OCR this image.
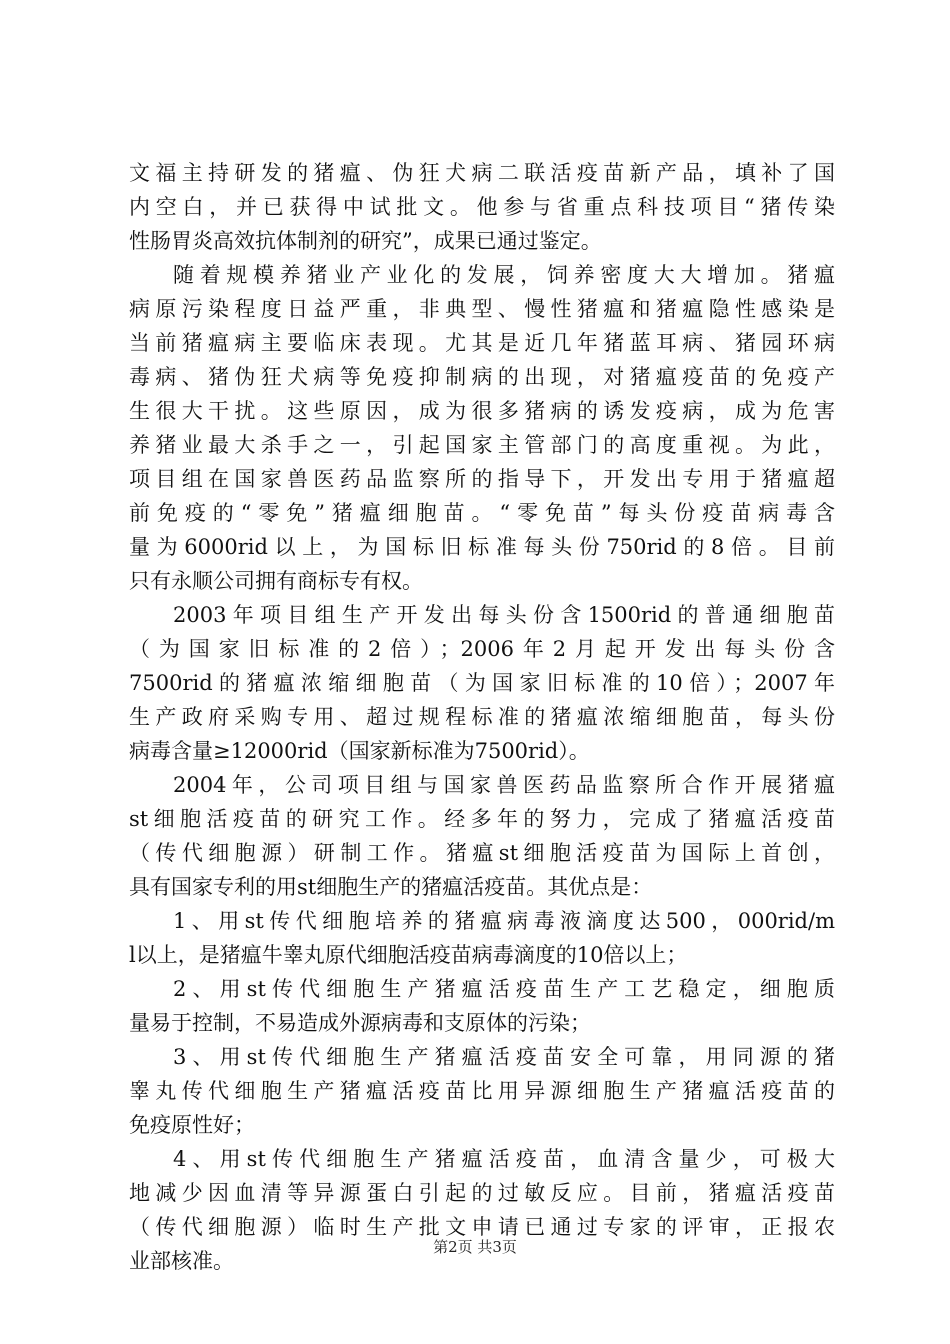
文福主持研发的猪瘟、伪狂犬病二联活疫苗新产品，填补了国
内空白，并已获得中试批文。他参与省重点科技项目“猪传染
性肠胃炎高效抗体制剂的研究”，成果已通过鉴定。
随着规模养猪业产业化的发展，饲养密度大大增加。猪瘟
病原污染程度日益严重，非典型、慢性猪瘟和猪瘟隐性感染是
当前猪瘟病主要临床表现。尤其是近几年猪蓝耳病、猪园环病
毒病、猪伪狂犬病等免疫抑制病的出现，对猪瘟疫苗的免疫产
生很大干扰。这些原因，成为很多猪病的诱发疫病，成为危害
养猪业最大杀手之一，引起国家主管部门的高度重视。为此，
项目组在国家兽医药品监察所的指导下，开发出专用于猪瘟超
前免疫的“零免”猪瘟细胞苗。“零免苗”每头份疫苗病毒含
量为6000rid以上，为国标旧标准每头份750rid的8倍。目前
只有永顺公司拥有商标专有权。
2003年项目组生产开发出每头份含1500rid的普通细胞苗
（为国家旧标准的2倍）；2006年2月起开发出每头份含
7500rid的猪瘟浓缩细胞苗（为国家旧标准的10倍）；2007年
生产政府采购专用、超过规程标准的猪瘟浓缩细胞苗，每头份
病毒含量≥12000rid（国家新标准为7500rid）。
2004年，公司项目组与国家兽医药品监察所合作开展猪瘟
st细胞活疫苗的研究工作。经多年的努力，完成了猪瘟活疫苗
（传代细胞源）研制工作。猪瘟st细胞活疫苗为国际上首创，
具有国家专利的用st细胞生产的猪瘟活疫苗。其优点是：
1、用st传代细胞培养的猪瘟病毒液滴度达500，000rid/m
l以上，是猪瘟牛睾丸原代细胞活疫苗病毒滴度的10倍以上；
2、用st传代细胞生产猪瘟活疫苗生产工艺稳定，细胞质
量易于控制，不易造成外源病毒和支原体的污染；
3、用st传代细胞生产猪瘟活疫苗安全可靠，用同源的猪
睾丸传代细胞生产猪瘟活疫苗比用异源细胞生产猪瘟活疫苗的
免疫原性好；
4、用st传代细胞生产猪瘟活疫苗，血清含量少，可极大
地减少因血清等异源蛋白引起的过敏反应。目前，猪瘟活疫苗
（传代细胞源）临时生产批文申请已通过专家的评审，正报农
业部核准。
第2页 共3页
